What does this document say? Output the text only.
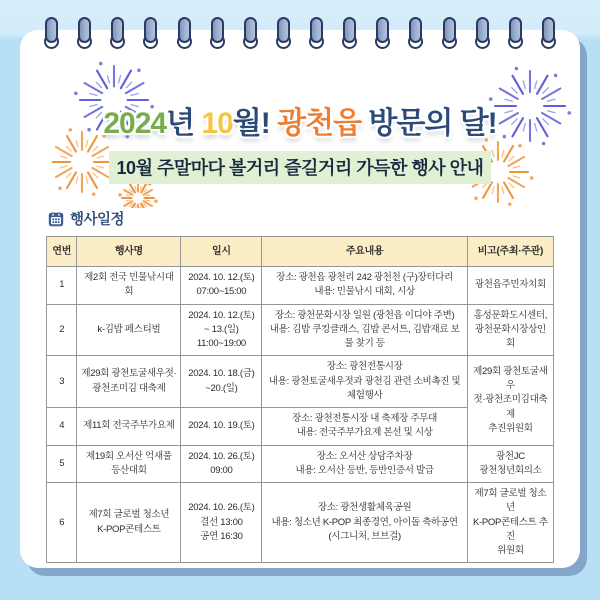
2024년 10월! 광천읍 방문의 달!
10월 주말마다 볼거리 즐길거리 가득한 행사 안내
행사일정
연번	행사명	일시	주요내용	비고(주최·주관)
1	제2회 전국 민물낚시대회	2024. 10. 12.(토)
07:00~15:00	장소: 광천읍 광천리 242 광천천 (구)장터다리
내용: 민물낚시 대회, 시상	광천읍주민자치회
2	k-김밥 페스티벌	2024. 10. 12.(토)
~ 13.(일)
11:00~19:00	장소: 광천문화시장 일원 (광천읍 이디야 주변)
내용: 김밥 쿠킹클래스, 김밥 콘서트, 김밥재료 보물 찾기 등	홍성문화도시센터,
광천문화시장상인회
3	제29회 광천토굴새우젓·
광천조미김 대축제	2024. 10. 18.(금)
~20.(일)	장소: 광천전통시장
내용: 광천토굴새우젓과 광천김 관련 소비촉진 및 체험행사	제29회 광천토굴새우
젓·광천조미김대축제
추진위원회
4	제11회 전국주부가요제	2024. 10. 19.(토)	장소: 광천전통시장 내 축제장 주무대
내용: 전국주부가요제 본선 및 시상	
5	제19회 오서산 억새풀
등산대회	2024. 10. 26.(토)
09:00	장소: 오서산 상담주차장
내용: 오서산 등반, 등반인증서 발급	광천JC
광천청년회의소
6	제7회 글로벌 청소년
K-POP콘테스트	2024. 10. 26.(토)
결선 13:00
공연 16:30	장소: 광천생활체육공원
내용: 청소년 K-POP 최종경연, 아이돌 축하공연 (시그니처, 브브걸)	제7회 글로벌 청소년
K-POP콘테스트 추진
위원회
